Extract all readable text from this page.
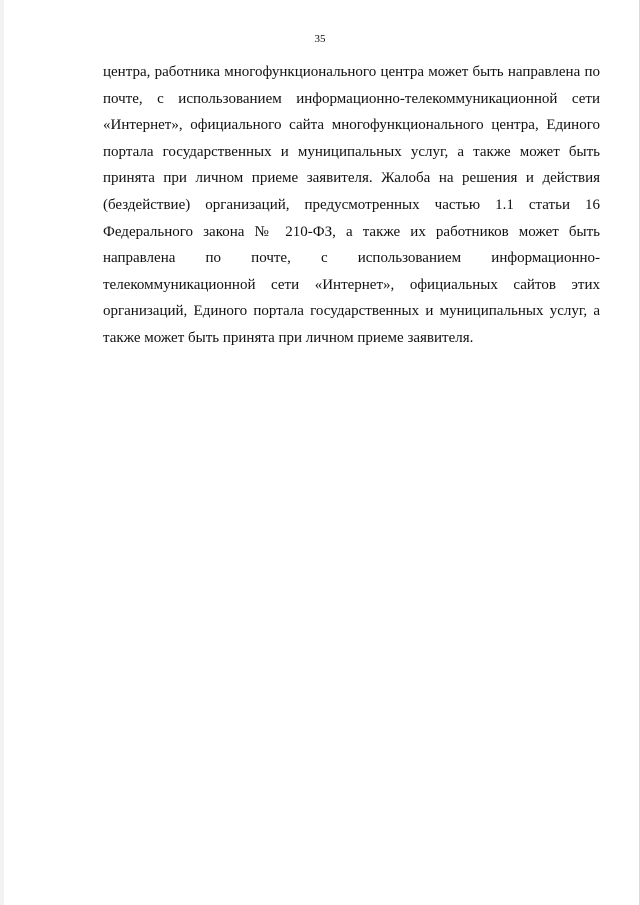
35

центра, работника многофункционального центра может быть направлена по
почте, с использованием информационно-телекоммуникационной сети
«Интернет», официального сайта многофункционального центра, Единого
портала государственных и муниципальных услуг, а также может быть
принята при личном приеме заявителя. Жалоба на решения и действия
(бездействие) организаций, предусмотренных частью 1.1 статьи 16
Федерального закона № 210-ФЗ, а также их работников может быть
направлена по почте, с использованием информационно-
телекоммуникационной сети «Интернет», официальных сайтов этих
организаций, Единого портала государственных и муниципальных услуг, а
также может быть принята при личном приеме заявителя.
